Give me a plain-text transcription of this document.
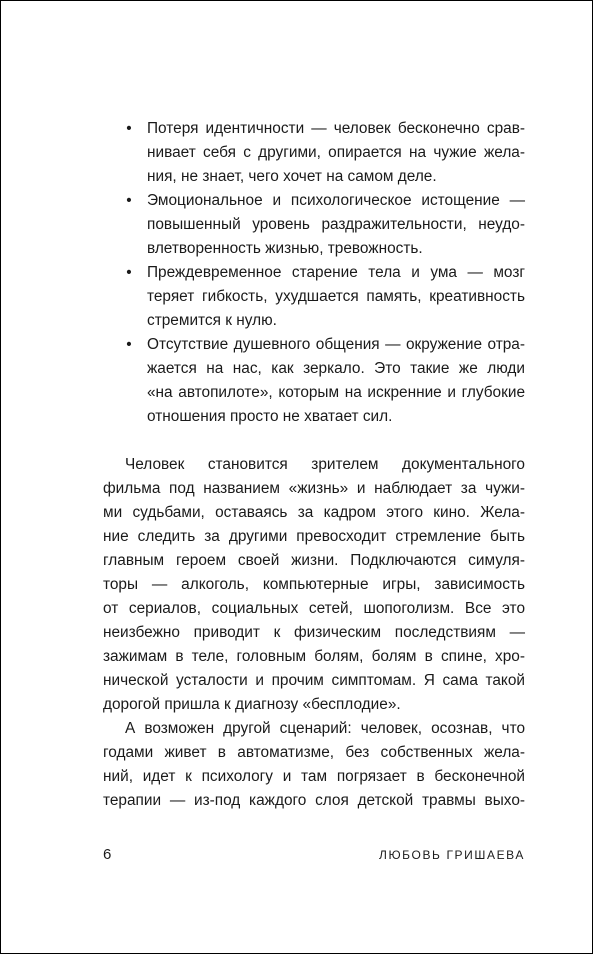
• Потеря идентичности — человек бесконечно срав-
нивает себя с другими, опирается на чужие жела-
ния, не знает, чего хочет на самом деле.
• Эмоциональное и психологическое истощение —
повышенный уровень раздражительности, неудо-
влетворенность жизнью, тревожность.
• Преждевременное старение тела и ума — мозг
теряет гибкость, ухудшается память, креативность
стремится к нулю.
• Отсутствие душевного общения — окружение отра-
жается на нас, как зеркало. Это такие же люди
«на автопилоте», которым на искренние и глубокие
отношения просто не хватает сил.

Человек становится зрителем документального
фильма под названием «жизнь» и наблюдает за чужи-
ми судьбами, оставаясь за кадром этого кино. Жела-
ние следить за другими превосходит стремление быть
главным героем своей жизни. Подключаются симуля-
торы — алкоголь, компьютерные игры, зависимость
от сериалов, социальных сетей, шопоголизм. Все это
неизбежно приводит к физическим последствиям —
зажимам в теле, головным болям, болям в спине, хро-
нической усталости и прочим симптомам. Я сама такой
дорогой пришла к диагнозу «бесплодие».

А возможен другой сценарий: человек, осознав, что
годами живет в автоматизме, без собственных жела-
ний, идет к психологу и там погрязает в бесконечной
терапии — из-под каждого слоя детской травмы выхо-

6	ЛЮБОВЬ ГРИШАЕВА
